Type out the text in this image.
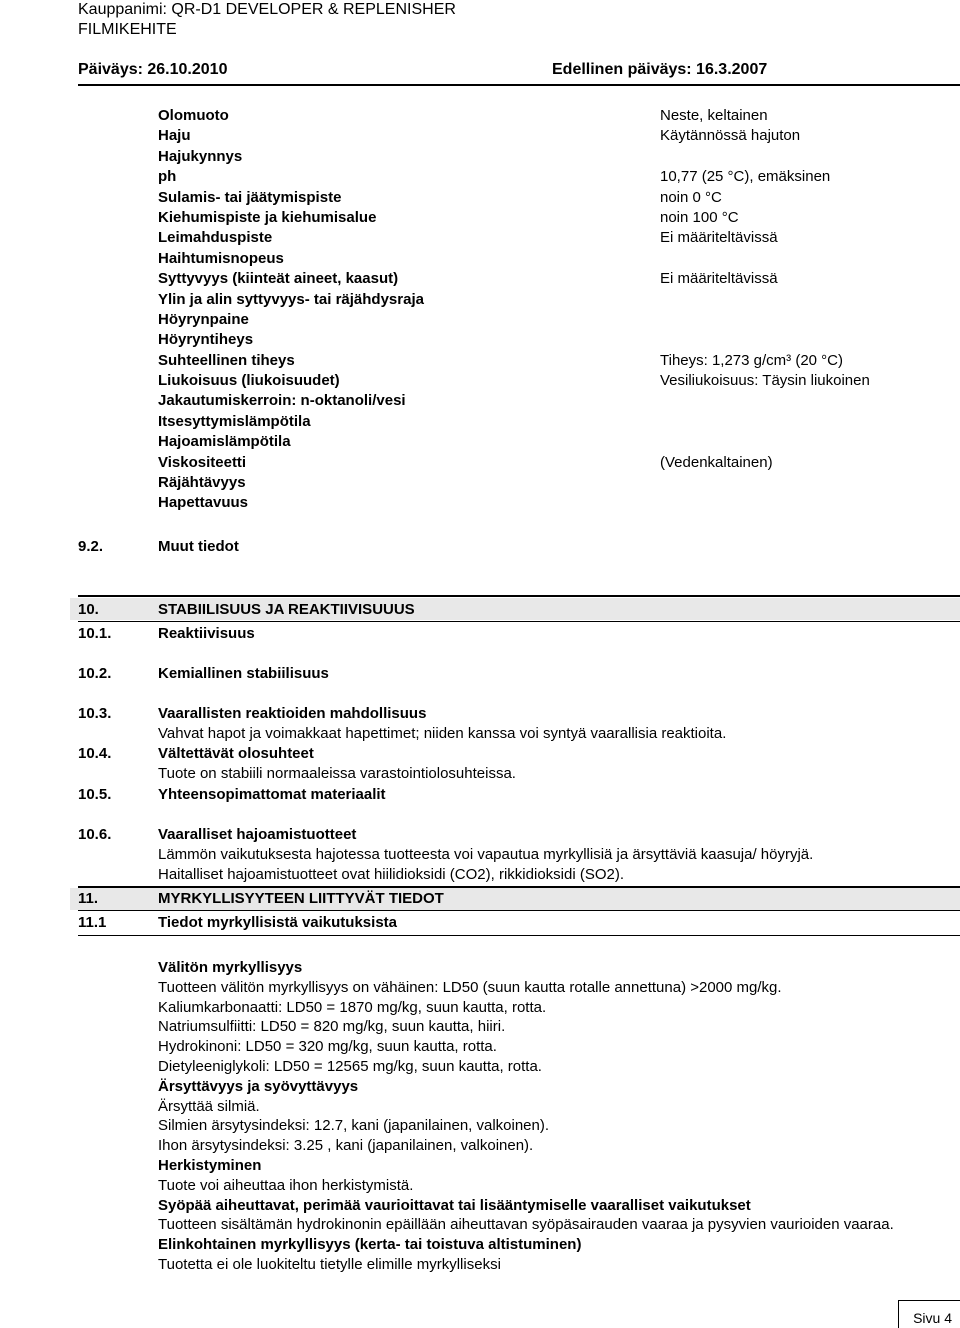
Kauppanimi: QR-D1 DEVELOPER & REPLENISHER
FILMIKEHITE
Päiväys: 26.10.2010	Edellinen päiväys: 16.3.2007
Olomuoto	Neste, keltainen
Haju	Käytännössä hajuton
Hajukynnys
ph	10,77 (25 °C), emäksinen
Sulamis- tai jäätymispiste	noin 0 °C
Kiehumispiste ja kiehumisalue	noin 100 °C
Leimahduspiste	Ei määriteltävissä
Haihtumisnopeus
Syttyvyys (kiinteät aineet, kaasut)	Ei määriteltävissä
Ylin ja alin syttyvyys- tai räjähdysraja
Höyrynpaine
Höyryntiheys
Suhteellinen tiheys	Tiheys: 1,273 g/cm³ (20 °C)
Liukoisuus (liukoisuudet)	Vesiliukoisuus: Täysin liukoinen
Jakautumiskerroin: n-oktanoli/vesi
Itsesyttymislämpötila
Hajoamislämpötila
Viskositeetti	(Vedenkaltainen)
Räjähtävyys
Hapettavuus
9.2.	Muut tiedot
10.	STABIILISUUS JA REAKTIIVISUUUS
10.1.	Reaktiivisuus
10.2.	Kemiallinen stabiilisuus
10.3.	Vaarallisten reaktioiden mahdollisuus
Vahvat hapot ja voimakkaat hapettimet; niiden kanssa voi syntyä vaarallisia reaktioita.
10.4.	Vältettävät olosuhteet
Tuote on stabiili normaaleissa varastointiolosuhteissa.
10.5.	Yhteensopimattomat materiaalit
10.6.	Vaaralliset hajoamistuotteet
Lämmön vaikutuksesta hajotessa tuotteesta voi vapautua myrkyllisiä ja ärsyttäviä kaasuja/ höyryjä.
Haitalliset hajoamistuotteet ovat hiilidioksidi (CO2), rikkidioksidi (SO2).
11.	MYRKYLLISYYTEEN LIITTYVÄT TIEDOT
11.1	Tiedot myrkyllisistä vaikutuksista
Välitön myrkyllisyys
Tuotteen välitön myrkyllisyys on vähäinen: LD50 (suun kautta rotalle annettuna) >2000 mg/kg.
Kaliumkarbonaatti: LD50 = 1870 mg/kg, suun kautta, rotta.
Natriumsulfiitti: LD50 = 820 mg/kg, suun kautta, hiiri.
Hydrokinoni: LD50 = 320 mg/kg, suun kautta, rotta.
Dietyleeniglykoli: LD50 = 12565 mg/kg, suun kautta, rotta.
Ärsyttävyys ja syövyttävyys
Ärsyttää silmiä.
Silmien ärsytysindeksi: 12.7, kani (japanilainen, valkoinen).
Ihon ärsytysindeksi: 3.25 , kani (japanilainen, valkoinen).
Herkistyminen
Tuote voi aiheuttaa ihon herkistymistä.
Syöpää aiheuttavat, perimää vaurioittavat tai lisääntymiselle vaaralliset vaikutukset
Tuotteen sisältämän hydrokinonin epäillään aiheuttavan syöpäsairauden vaaraa ja pysyvien vaurioiden vaaraa.
Elinkohtainen myrkyllisyys (kerta- tai toistuva altistuminen)
Tuotetta ei ole luokiteltu tietylle elimille myrkylliseksi
Sivu 4
